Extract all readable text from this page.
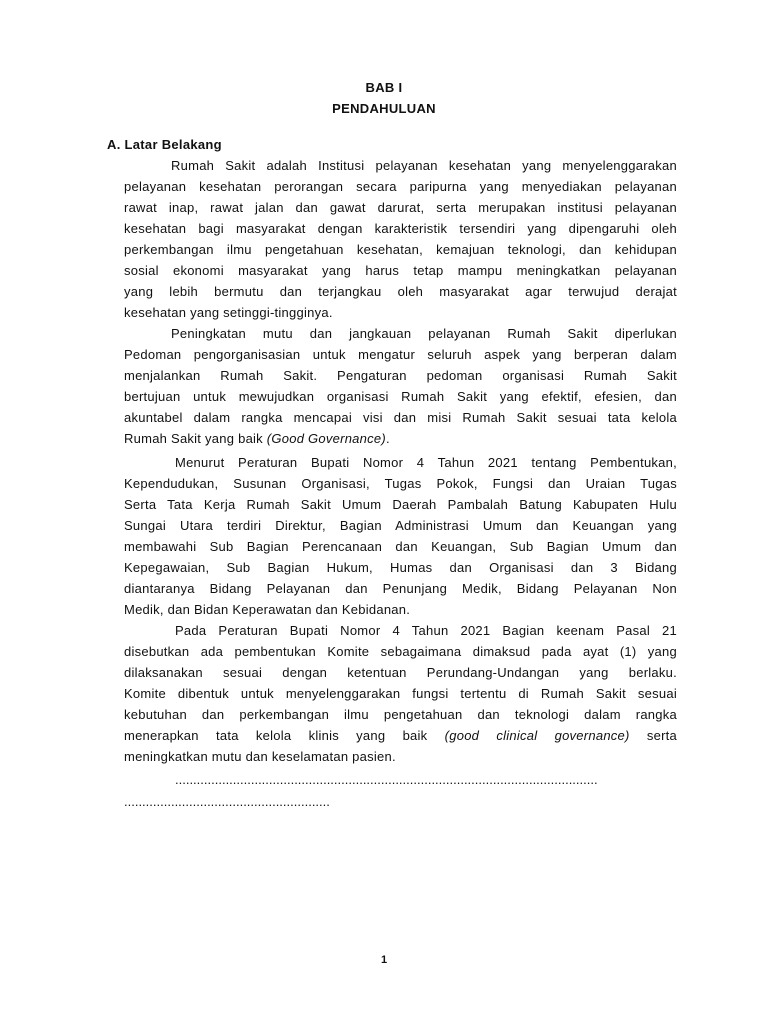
BAB I
PENDAHULUAN
A. Latar Belakang
Rumah Sakit adalah Institusi pelayanan kesehatan yang menyelenggarakan
pelayanan kesehatan perorangan secara paripurna yang menyediakan pelayanan
rawat inap, rawat jalan dan gawat darurat, serta merupakan institusi pelayanan
kesehatan bagi masyarakat dengan karakteristik tersendiri yang dipengaruhi oleh
perkembangan ilmu pengetahuan kesehatan, kemajuan teknologi, dan kehidupan
sosial ekonomi masyarakat yang harus tetap mampu meningkatkan pelayanan
yang lebih bermutu dan terjangkau oleh masyarakat agar terwujud derajat
kesehatan yang setinggi-tingginya.
Peningkatan mutu dan jangkauan pelayanan Rumah Sakit diperlukan
Pedoman pengorganisasian untuk mengatur seluruh aspek yang berperan dalam
menjalankan Rumah Sakit. Pengaturan pedoman organisasi Rumah Sakit
bertujuan untuk mewujudkan organisasi Rumah Sakit yang efektif, efesien, dan
akuntabel dalam rangka mencapai visi dan misi Rumah Sakit sesuai tata kelola
Rumah Sakit yang baik (Good Governance).
Menurut Peraturan Bupati Nomor 4 Tahun 2021 tentang Pembentukan,
Kependudukan, Susunan Organisasi, Tugas Pokok, Fungsi dan Uraian Tugas
Serta Tata Kerja Rumah Sakit Umum Daerah Pambalah Batung Kabupaten Hulu
Sungai Utara terdiri Direktur, Bagian Administrasi Umum dan Keuangan yang
membawahi Sub Bagian Perencanaan dan Keuangan, Sub Bagian Umum dan
Kepegawaian, Sub Bagian Hukum, Humas dan Organisasi dan 3 Bidang
diantaranya Bidang Pelayanan dan Penunjang Medik, Bidang Pelayanan Non
Medik, dan Bidan Keperawatan dan Kebidanan.
Pada Peraturan Bupati Nomor 4 Tahun 2021 Bagian keenam Pasal 21
disebutkan ada pembentukan Komite sebagaimana dimaksud pada ayat (1) yang
dilaksanakan sesuai dengan ketentuan Perundang-Undangan yang berlaku.
Komite dibentuk untuk menyelenggarakan fungsi tertentu di Rumah Sakit sesuai
kebutuhan dan perkembangan ilmu pengetahuan dan teknologi dalam rangka
menerapkan tata kelola klinis yang baik (good clinical governance) serta
meningkatkan mutu dan keselamatan pasien.
.....................................................................................................................
.........................................................
1
